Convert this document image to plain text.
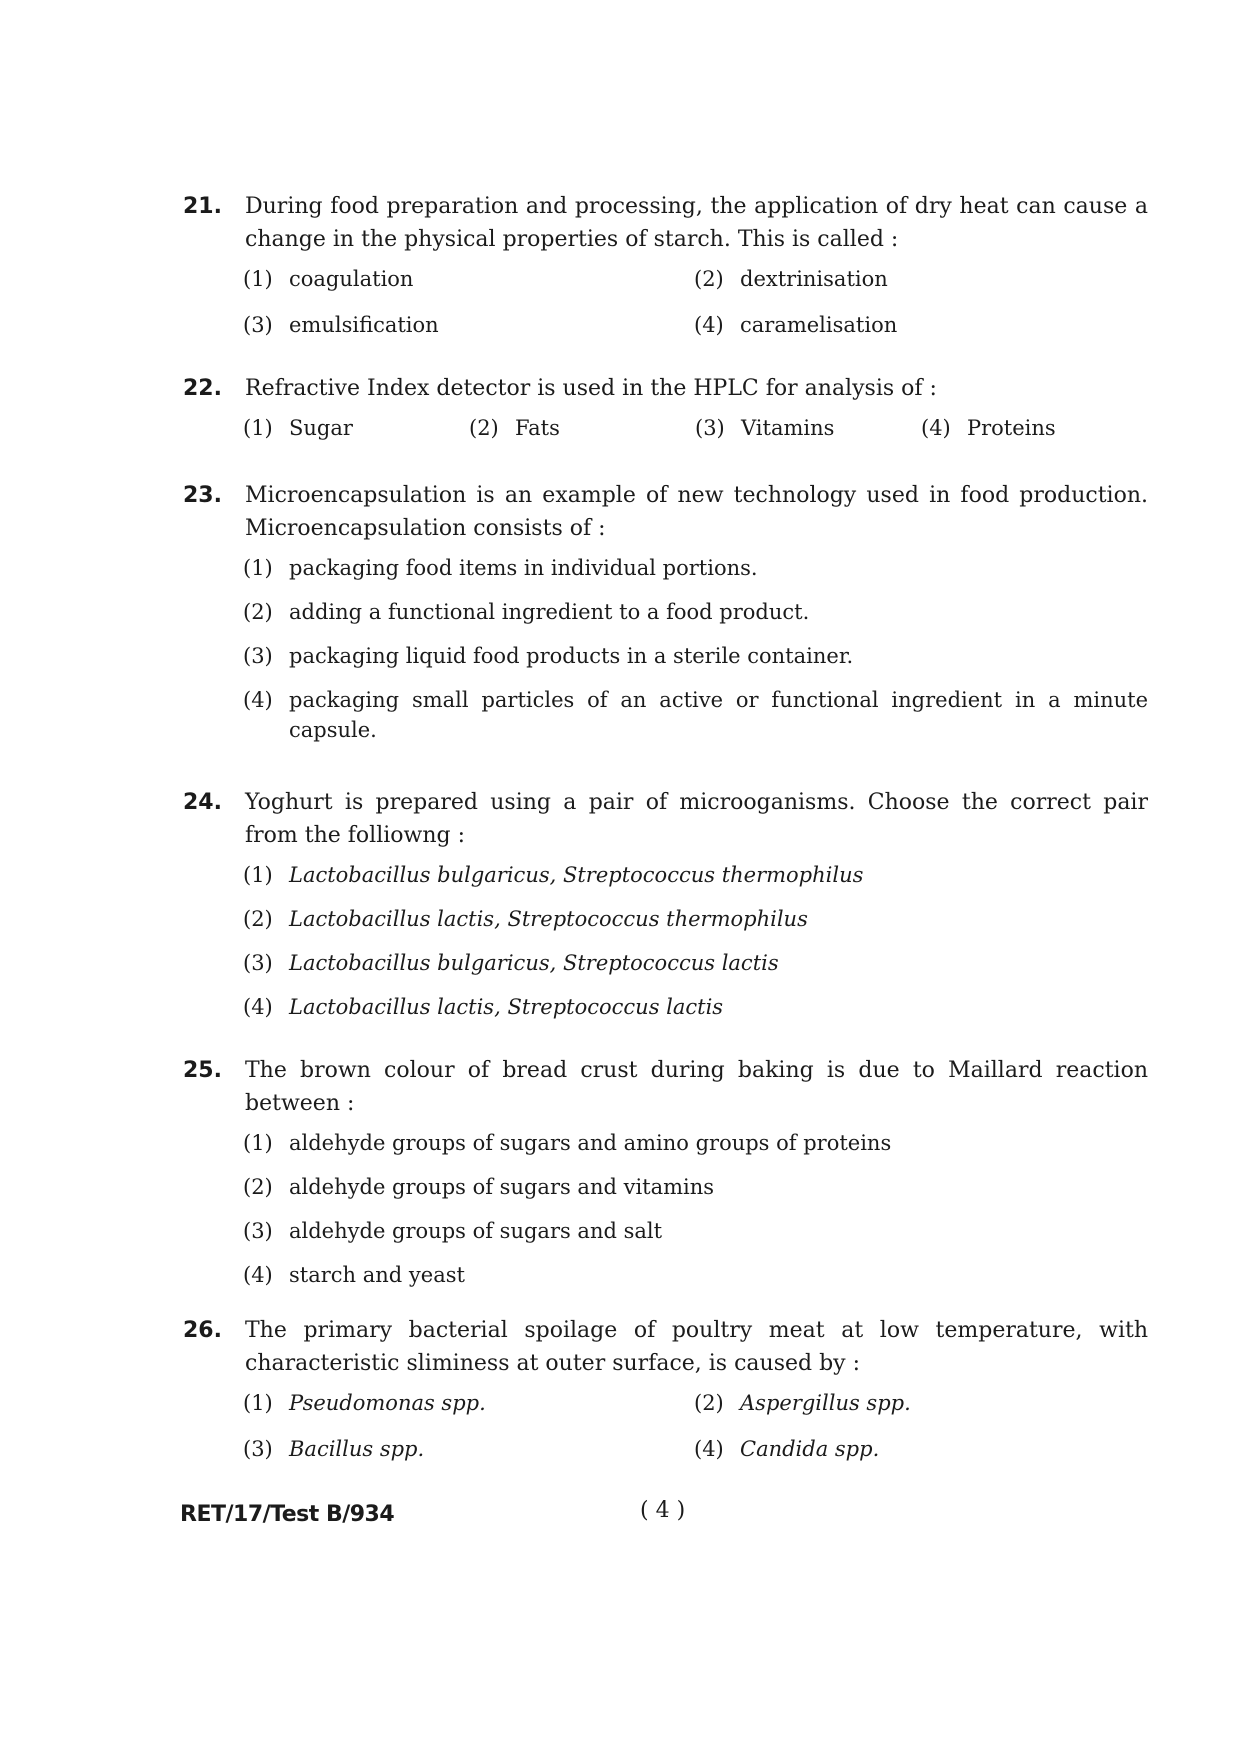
21. During food preparation and processing, the application of dry heat can cause a change in the physical properties of starch. This is called :
(1) coagulation	(2) dextrinisation
(3) emulsification	(4) caramelisation
22. Refractive Index detector is used in the HPLC for analysis of :
(1) Sugar	(2) Fats	(3) Vitamins	(4) Proteins
23. Microencapsulation is an example of new technology used in food production. Microencapsulation consists of :
(1) packaging food items in individual portions.
(2) adding a functional ingredient to a food product.
(3) packaging liquid food products in a sterile container.
(4) packaging small particles of an active or functional ingredient in a minute capsule.
24. Yoghurt is prepared using a pair of microoganisms. Choose the correct pair from the folliowng :
(1) Lactobacillus bulgaricus, Streptococcus thermophilus
(2) Lactobacillus lactis, Streptococcus thermophilus
(3) Lactobacillus bulgaricus, Streptococcus lactis
(4) Lactobacillus lactis, Streptococcus lactis
25. The brown colour of bread crust during baking is due to Maillard reaction between :
(1) aldehyde groups of sugars and amino groups of proteins
(2) aldehyde groups of sugars and vitamins
(3) aldehyde groups of sugars and salt
(4) starch and yeast
26. The primary bacterial spoilage of poultry meat at low temperature, with characteristic sliminess at outer surface, is caused by :
(1) Pseudomonas spp.	(2) Aspergillus spp.
(3) Bacillus spp.	(4) Candida spp.
RET/17/Test B/934	( 4 )
